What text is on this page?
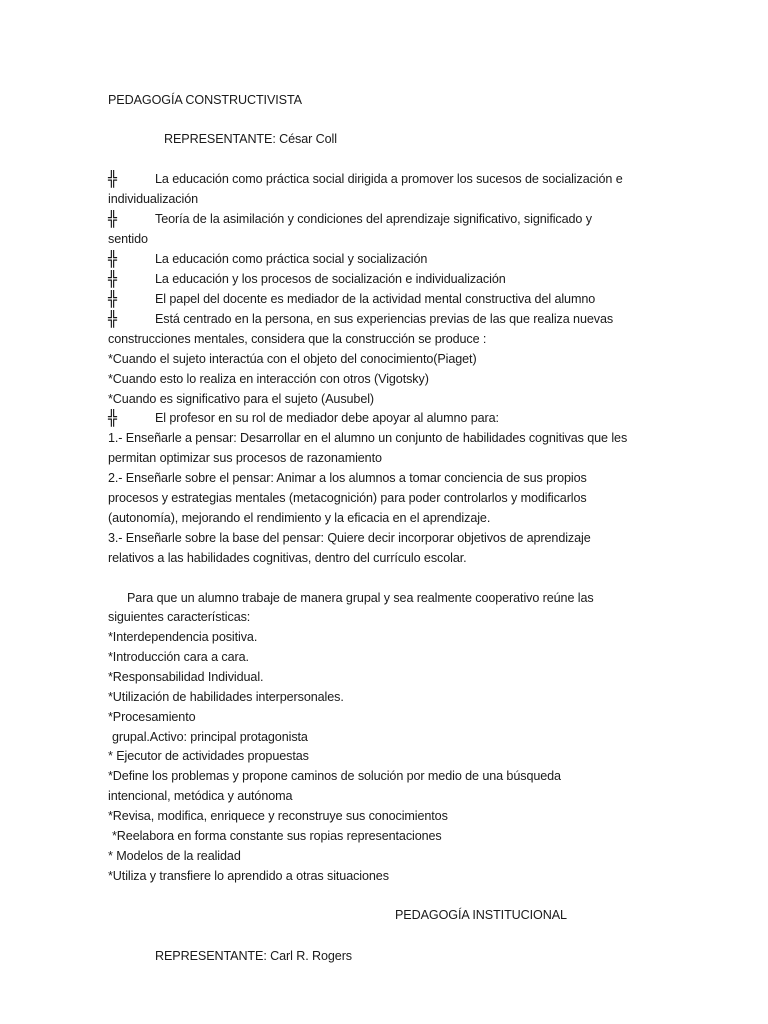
PEDAGOGÍA CONSTRUCTIVISTA
REPRESENTANTE: César Coll
╬	La educación como práctica social dirigida a promover los sucesos de socialización e
individualización
╬	Teoría de la asimilación y condiciones del aprendizaje significativo, significado y
sentido
╬	La educación como práctica social y socialización
╬	La educación y los procesos de socialización e individualización
╬	El papel del docente es mediador de la actividad mental constructiva del alumno
╬	Está centrado en la persona, en sus experiencias previas de las que realiza nuevas
construcciones mentales, considera que la construcción se produce :
*Cuando el sujeto interactúa con el objeto del conocimiento(Piaget)
*Cuando esto lo realiza en interacción con otros (Vigotsky)
*Cuando es significativo para el sujeto (Ausubel)
╬	El profesor en su rol de mediador debe apoyar al alumno para:
1.- Enseñarle a pensar: Desarrollar en el alumno un conjunto de habilidades cognitivas que les
permitan optimizar sus procesos de razonamiento
2.- Enseñarle sobre el pensar: Animar a los alumnos a tomar conciencia de sus propios
procesos y estrategias mentales (metacognición) para poder controlarlos y modificarlos
(autonomía), mejorando el rendimiento y la eficacia en el aprendizaje.
3.- Enseñarle sobre la base del pensar: Quiere decir incorporar objetivos de aprendizaje
relativos a las habilidades cognitivas, dentro del currículo escolar.
Para que un alumno trabaje de manera grupal y sea realmente cooperativo reúne las
siguientes características:
*Interdependencia positiva.
*Introducción cara a cara.
*Responsabilidad Individual.
*Utilización de habilidades interpersonales.
*Procesamiento
grupal.Activo: principal protagonista
* Ejecutor de actividades propuestas
*Define los problemas y propone caminos de solución por medio de una búsqueda
intencional, metódica y autónoma
*Revisa, modifica, enriquece y reconstruye sus conocimientos
*Reelabora en forma constante sus ropias representaciones
* Modelos de la realidad
*Utiliza y transfiere lo aprendido a otras situaciones
PEDAGOGÍA INSTITUCIONAL
REPRESENTANTE: Carl R. Rogers
